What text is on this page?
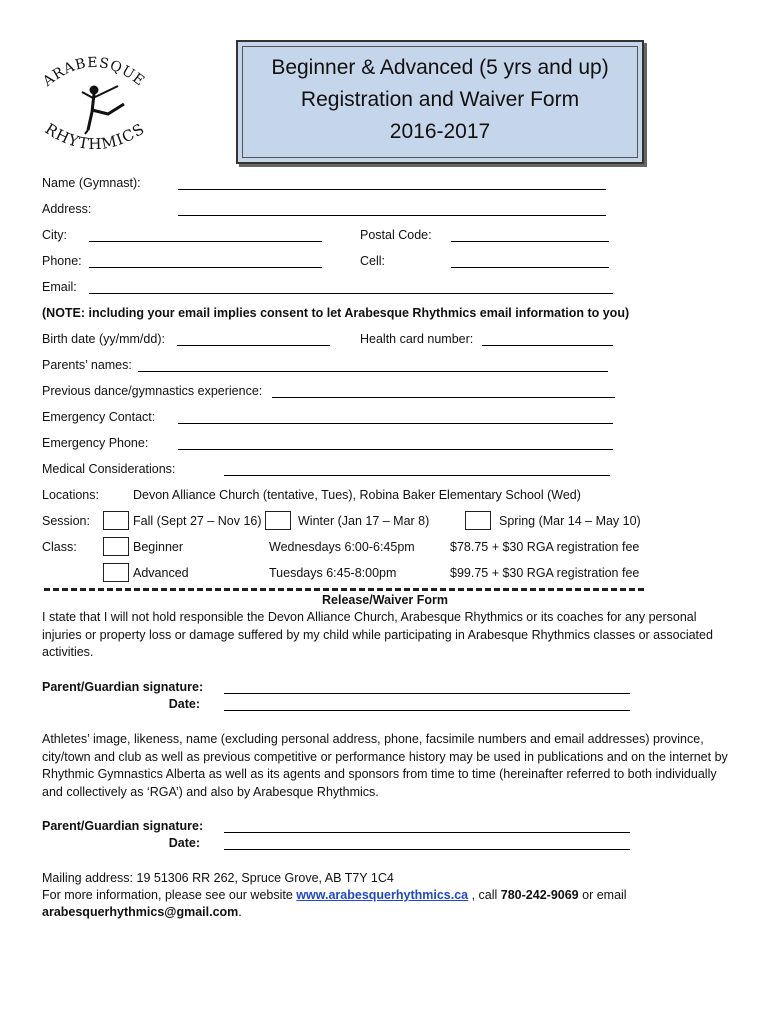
ARABESQUE
RHYTHMICS
Beginner & Advanced (5 yrs and up)
Registration and Waiver Form
2016-2017
Name (Gymnast):
Address:
City:	Postal Code:
Phone:	Cell:
Email:
(NOTE: including your email implies consent to let Arabesque Rhythmics email information to you)
Birth date (yy/mm/dd):	Health card number:
Parents’ names:
Previous dance/gymnastics experience:
Emergency Contact:
Emergency Phone:
Medical Considerations:
Locations:	Devon Alliance Church (tentative, Tues), Robina Baker Elementary School (Wed)
Session:	Fall (Sept 27 – Nov 16)	Winter (Jan 17 – Mar 8)	Spring (Mar 14 – May 10)
Class:	Beginner	Wednesdays 6:00-6:45pm	$78.75 + $30 RGA registration fee
Advanced	Tuesdays 6:45-8:00pm	$99.75 + $30 RGA registration fee
Release/Waiver Form
I state that I will not hold responsible the Devon Alliance Church, Arabesque Rhythmics or its coaches for any personal injuries or property loss or damage suffered by my child while participating in Arabesque Rhythmics classes or associated activities.
Parent/Guardian signature:
Date:
Athletes’ image, likeness, name (excluding personal address, phone, facsimile numbers and email addresses) province, city/town and club as well as previous competitive or performance history may be used in publications and on the internet by Rhythmic Gymnastics Alberta as well as its agents and sponsors from time to time (hereinafter referred to both individually and collectively as ‘RGA’) and also by Arabesque Rhythmics.
Parent/Guardian signature:
Date:
Mailing address: 19 51306 RR 262, Spruce Grove, AB T7Y 1C4
For more information, please see our website www.arabesquerhythmics.ca , call 780-242-9069 or email
arabesquerhythmics@gmail.com.
